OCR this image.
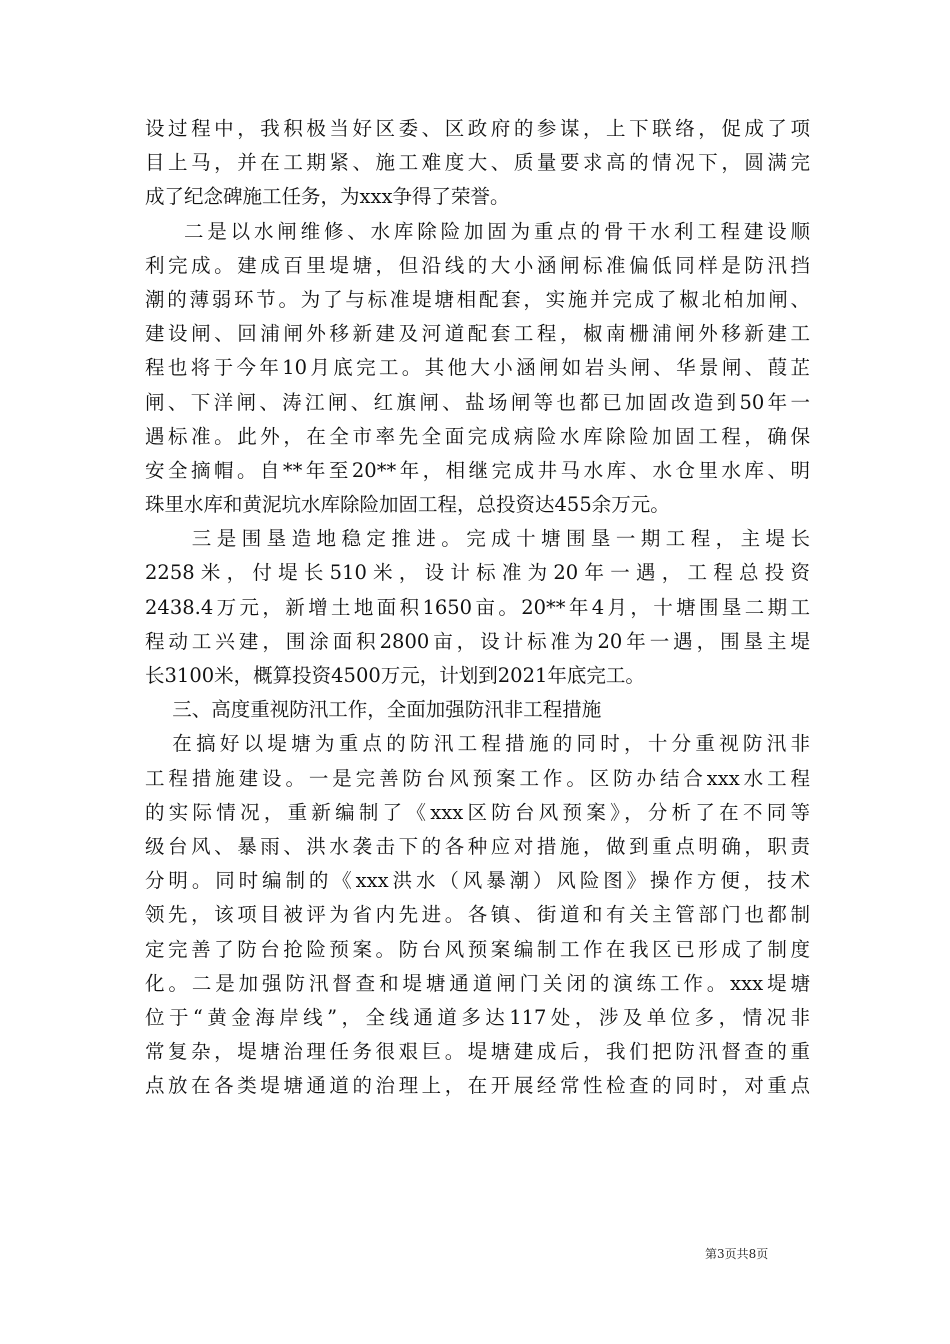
设过程中，我积极当好区委、区政府的参谋，上下联络，促成了项
目上马，并在工期紧、施工难度大、质量要求高的情况下，圆满完
成了纪念碑施工任务，为xxx争得了荣誉。
二是以水闸维修、水库除险加固为重点的骨干水利工程建设顺
利完成。建成百里堤塘，但沿线的大小涵闸标准偏低同样是防汛挡
潮的薄弱环节。为了与标准堤塘相配套，实施并完成了椒北柏加闸、
建设闸、回浦闸外移新建及河道配套工程，椒南栅浦闸外移新建工
程也将于今年10月底完工。其他大小涵闸如岩头闸、华景闸、葭芷
闸、下洋闸、涛江闸、红旗闸、盐场闸等也都已加固改造到50年一
遇标准。此外，在全市率先全面完成病险水库除险加固工程，确保
安全摘帽。自**年至20**年，相继完成井马水库、水仓里水库、明
珠里水库和黄泥坑水库除险加固工程，总投资达455余万元。
三是围垦造地稳定推进。完成十塘围垦一期工程，主堤长
2258米，付堤长510米，设计标准为20年一遇，工程总投资
2438.4万元，新增土地面积1650亩。20**年4月，十塘围垦二期工
程动工兴建，围涂面积2800亩，设计标准为20年一遇，围垦主堤
长3100米，概算投资4500万元，计划到2021年底完工。
三、高度重视防汛工作，全面加强防汛非工程措施
在搞好以堤塘为重点的防汛工程措施的同时，十分重视防汛非
工程措施建设。一是完善防台风预案工作。区防办结合xxx水工程
的实际情况，重新编制了《xxx区防台风预案》，分析了在不同等
级台风、暴雨、洪水袭击下的各种应对措施，做到重点明确，职责
分明。同时编制的《xxx洪水（风暴潮）风险图》操作方便，技术
领先，该项目被评为省内先进。各镇、街道和有关主管部门也都制
定完善了防台抢险预案。防台风预案编制工作在我区已形成了制度
化。二是加强防汛督查和堤塘通道闸门关闭的演练工作。xxx堤塘
位于“黄金海岸线”，全线通道多达117处，涉及单位多，情况非
常复杂，堤塘治理任务很艰巨。堤塘建成后，我们把防汛督查的重
点放在各类堤塘通道的治理上，在开展经常性检查的同时，对重点
第3页共8页
